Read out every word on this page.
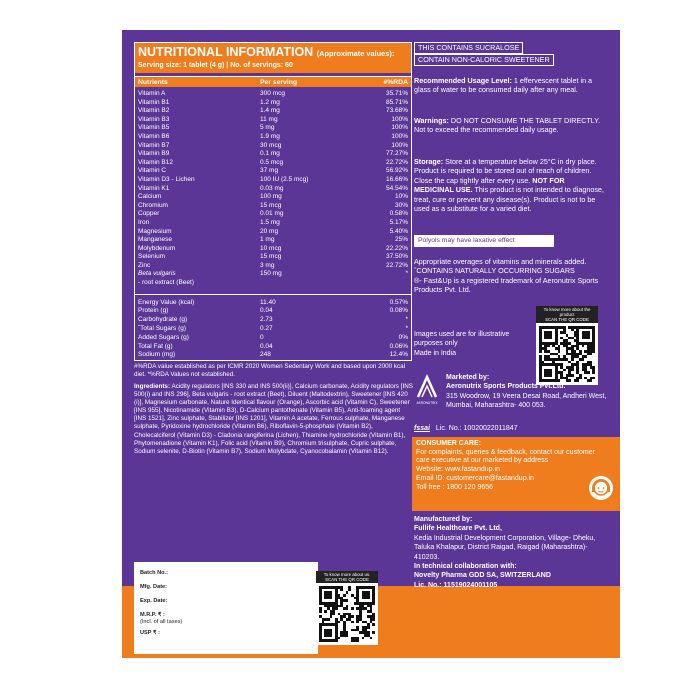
NUTRITIONAL INFORMATION (Approximate values):
Serving size: 1 tablet (4 g) | No. of servings: 60
Nutrients	Per serving	#%RDA
Vitamin A	300 mcg	35.71%
Vitamin B1	1.2 mg	85.71%
Vitamin B2	1.4 mg	73.68%
Vitamin B3	11 mg	100%
Vitamin B5	5 mg	100%
Vitamin B6	1.9 mg	100%
Vitamin B7	30 mcg	100%
Vitamin B9	0.1 mg	77.27%
Vitamin B12	0.5 mcg	22.72%
Vitamin C	37 mg	56.92%
Vitamin D3 - Lichen	100 IU (2.5 mcg)	16.66%
Vitamin K1	0.03 mg	54.54%
Calcium	100 mg	10%
Chromium	15 mcg	30%
Copper	0.01 mg	0.58%
Iron	1.5 mg	5.17%
Magnesium	20 mg	5.40%
Manganese	1 mg	25%
Molybdenum	10 mcg	22.22%
Selenium	15 mcg	37.50%
Zinc	3 mg	22.72%
Beta vulgaris	150 mg	*
- root extract (Beet)
Energy Value (kcal)	11.40	0.57%
Protein (g)	0.04	0.08%
Carbohydrate (g)	2.73	*
ˆTotal Sugars (g)	0.27	*
Added Sugars (g)	0	0%
Total Fat (g)	0.04	0.06%
Sodium (mg)	248	12.4%
#%RDA value established as per ICMR 2020 Women Sedentary Work and based upon 2000 kcal diet. *%RDA Values not established.
Ingredients: Acidity regulators [INS 330 and INS 500(ii)], Calcium carbonate, Acidity regulators [INS 500(i) and INS 296], Beta vulgaris - root extract (Beet), Diluent (Maltodextrin), Sweetener [INS 420 (i)], Magnesium carbonate, Nature Identical flavour (Orange), Ascorbic acid (Vitamin C), Sweetener [INS 955], Nicotinamide (Vitamin B3), D-Calcium pantothenate (Vitamin B5), Anti-foaming agent [INS 1521], Zinc sulphate, Stabilizer [INS 1201], Vitamin A acetate, Ferrous sulphate, Manganese sulphate, Pyridoxine hydrochloride (Vitamin B6), Riboflavin-5-phosphate (Vitamin B2), Cholecalciferol (Vitamin D3) - Cladonia rangiferina (Lichen), Thiamine hydrochloride (Vitamin B1), Phytomenadione (Vitamin K1), Folic acid (Vitamin B9), Chromium trisulphate, Cupric sulphate, Sodium selenite, D-Biotin (Vitamin B7), Sodium Molybdate, Cyanocobalamin (Vitamin B12).
Batch No.:
Mfg. Date:
Exp. Date:
M.R.P. ₹ :
(Incl. of all taxes)
USP ₹ :
To know more about us.
SCAN THE QR CODE
THIS CONTAINS SUCRALOSE
CONTAIN NON-CALORIC SWEETENER
Recommended Usage Level: 1 effervescent tablet in a glass of water to be consumed daily after any meal.
Warnings: DO NOT CONSUME THE TABLET DIRECTLY. Not to exceed the recommended daily usage.
Storage: Store at a temperature below 25°C in dry place. Product is required to be stored out of reach of children. Close the cap tightly after every use. NOT FOR MEDICINAL USE. This product is not intended to diagnose, treat, cure or prevent any disease(s). Product is not to be used as a substitute for a varied diet.
Polyols may have laxative effect
Appropriate overages of vitamins and minerals added.
ˆCONTAINS NATURALLY OCCURRING SUGARS
®- Fast&Up is a registered trademark of Aeronutrix Sports Products Pvt. Ltd.
Images used are for illustrative purposes only
Made in India
To know more about the product
SCAN THE QR CODE
AERONUTRIX
Marketed by:
Aeronutrix Sports Products Pvt.Ltd.
315 Woodrow, 19 Veera Desai Road, Andheri West, Mumbai, Maharashtra- 400 053.
fssai Lic. No.: 10020022011847
CONSUMER CARE:
For complaints, queries & feedback, contact our customer care executive at our marketed by address
Website: www.fastandup.in
Email ID: customercare@fastandup.in
Toll free : 1800 120 9656
Manufactured by:
Fullife Healthcare Pvt. Ltd,
Kedia Industrial Development Corporation, Village- Dheku, Taluka Khalapur, District Raigad, Raigad (Maharashtra)- 410203.
In technical collaboration with:
Novelty Pharma GDD SA, SWITZERLAND
Lic. No.: 11519024001105
